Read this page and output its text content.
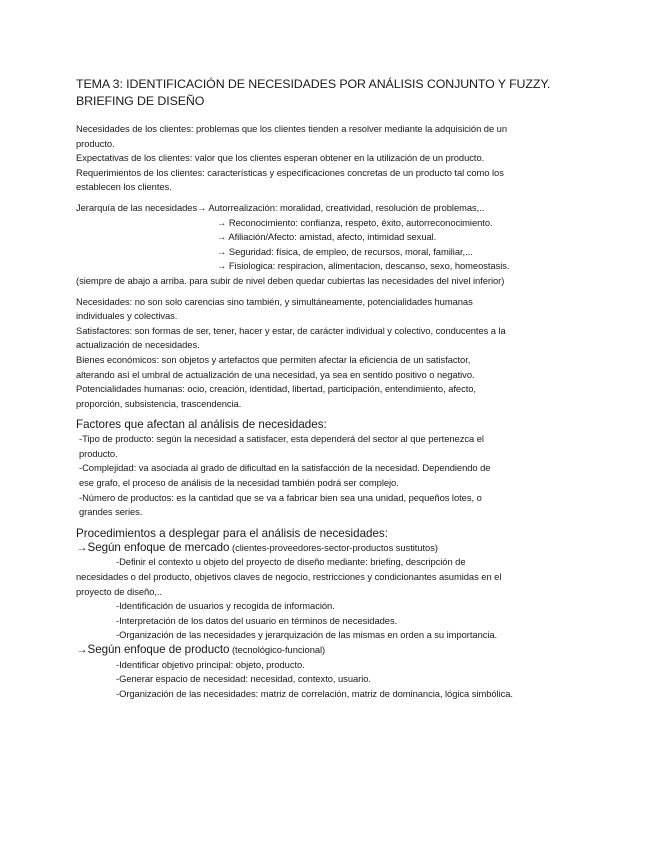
TEMA 3: IDENTIFICACIÓN DE NECESIDADES POR ANÁLISIS CONJUNTO Y FUZZY.
BRIEFING DE DISEÑO

Necesidades de los clientes: problemas que los clientes tienden a resolver mediante la adquisición de un

producto.

Expectativas de los clientes: valor que los clientes esperan obtener en la utilización de un producto.

Requerimientos de los clientes: características y especificaciones concretas de un producto tal como los

establecen los clientes.

Jerarquía de las necesidades→ Autorrealización: moralidad, creatividad, resolución de problemas,..

→ Reconocimiento: confianza, respeto, éxito, autorreconocimiento.

→ Afiliación/Afecto: amistad, afecto, intimidad sexual.

→ Seguridad: física, de empleo, de recursos, moral, familiar,...

→ Fisiologica: respiracion, alimentacion, descanso, sexo, homeostasis.

(siempre de abajo a arriba. para subir de nivel deben quedar cubiertas las necesidades del nivel inferior)

Necesidades: no son solo carencias sino también, y simultáneamente, potencialidades humanas

individuales y colectivas.

Satisfactores: son formas de ser, tener, hacer y estar, de carácter individual y colectivo, conducentes a la

actualización de necesidades.

Bienes económicos: son objetos y artefactos que permiten afectar la eficiencia de un satisfactor,

alterando así el umbral de actualización de una necesidad, ya sea en sentido positivo o negativo.

Potencialidades humanas: ocio, creación, identidad, libertad, participación, entendimiento, afecto,

proporción, subsistencia, trascendencia.

Factores que afectan al análisis de necesidades:

-Tipo de producto: según la necesidad a satisfacer, esta dependerá del sector al que pertenezca el

producto.

-Complejidad: va asociada al grado de dificultad en la satisfacción de la necesidad. Dependiendo de

ese grafo, el proceso de análisis de la necesidad también podrá ser complejo.

-Número de productos: es la cantidad que se va a fabricar bien sea una unidad, pequeños lotes, o

grandes series.

Procedimientos a desplegar para el análisis de necesidades:

→Según enfoque de mercado (clientes-proveedores-sector-productos sustitutos)

-Definir el contexto u objeto del proyecto de diseño mediante: briefing, descripción de

necesidades o del producto, objetivos claves de negocio, restricciones y condicionantes asumidas en el

proyecto de diseño,..

-Identificación de usuarios y recogida de información.

-Interpretación de los datos del usuario en términos de necesidades.

-Organización de las necesidades y jerarquización de las mismas en orden a su importancia.

→Según enfoque de producto (tecnológico-funcional)

-Identificar objetivo principal: objeto, producto.

-Generar espacio de necesidad: necesidad, contexto, usuario.

-Organización de las necesidades: matriz de correlación, matriz de dominancia, lógica simbólica.
